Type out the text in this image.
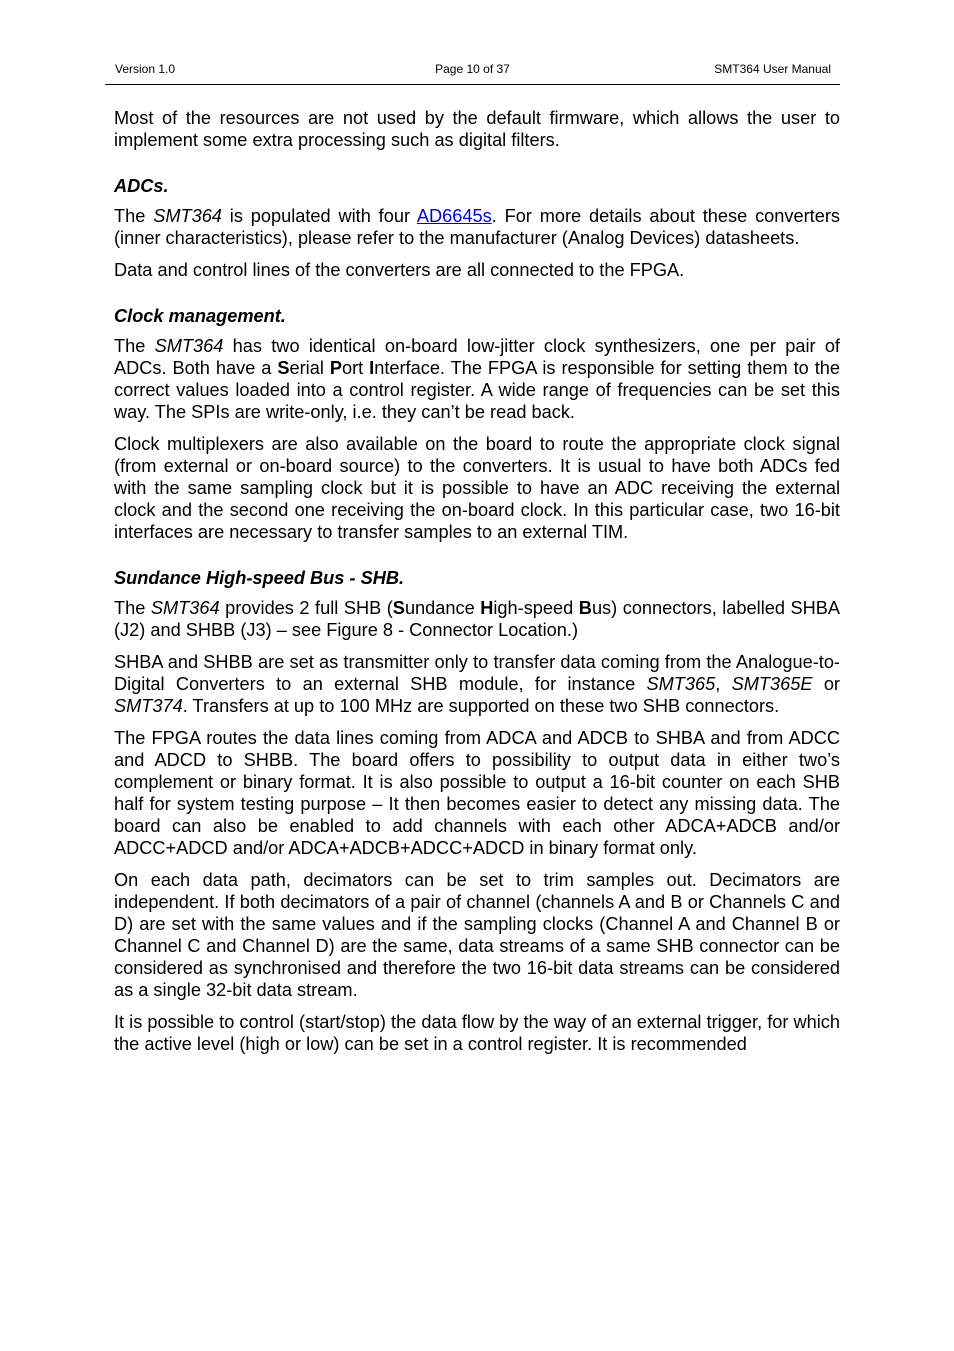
Version 1.0	Page 10 of 37	SMT364 User Manual

Most of the resources are not used by the default firmware, which allows the user to implement some extra processing such as digital filters.

ADCs.

The SMT364 is populated with four AD6645s. For more details about these converters (inner characteristics), please refer to the manufacturer (Analog Devices) datasheets.

Data and control lines of the converters are all connected to the FPGA.

Clock management.

The SMT364 has two identical on-board low-jitter clock synthesizers, one per pair of ADCs. Both have a Serial Port Interface. The FPGA is responsible for setting them to the correct values loaded into a control register. A wide range of frequencies can be set this way. The SPIs are write-only, i.e. they can’t be read back.

Clock multiplexers are also available on the board to route the appropriate clock signal (from external or on-board source) to the converters. It is usual to have both ADCs fed with the same sampling clock but it is possible to have an ADC receiving the external clock and the second one receiving the on-board clock. In this particular case, two 16-bit interfaces are necessary to transfer samples to an external TIM.

Sundance High-speed Bus - SHB.

The SMT364 provides 2 full SHB (Sundance High-speed Bus) connectors, labelled SHBA (J2) and SHBB (J3) – see Figure 8 - Connector Location.)

SHBA and SHBB are set as transmitter only to transfer data coming from the Analogue-to-Digital Converters to an external SHB module, for instance SMT365, SMT365E or SMT374. Transfers at up to 100 MHz are supported on these two SHB connectors.

The FPGA routes the data lines coming from ADCA and ADCB to SHBA and from ADCC and ADCD to SHBB. The board offers to possibility to output data in either two’s complement or binary format. It is also possible to output a 16-bit counter on each SHB half for system testing purpose – It then becomes easier to detect any missing data. The board can also be enabled to add channels with each other ADCA+ADCB and/or ADCC+ADCD and/or ADCA+ADCB+ADCC+ADCD in binary format only.

On each data path, decimators can be set to trim samples out. Decimators are independent. If both decimators of a pair of channel (channels A and B or Channels C and D) are set with the same values and if the sampling clocks (Channel A and Channel B or Channel C and Channel D) are the same, data streams of a same SHB connector can be considered as synchronised and therefore the two 16-bit data streams can be considered as a single 32-bit data stream.

It is possible to control (start/stop) the data flow by the way of an external trigger, for which the active level (high or low) can be set in a control register. It is recommended
